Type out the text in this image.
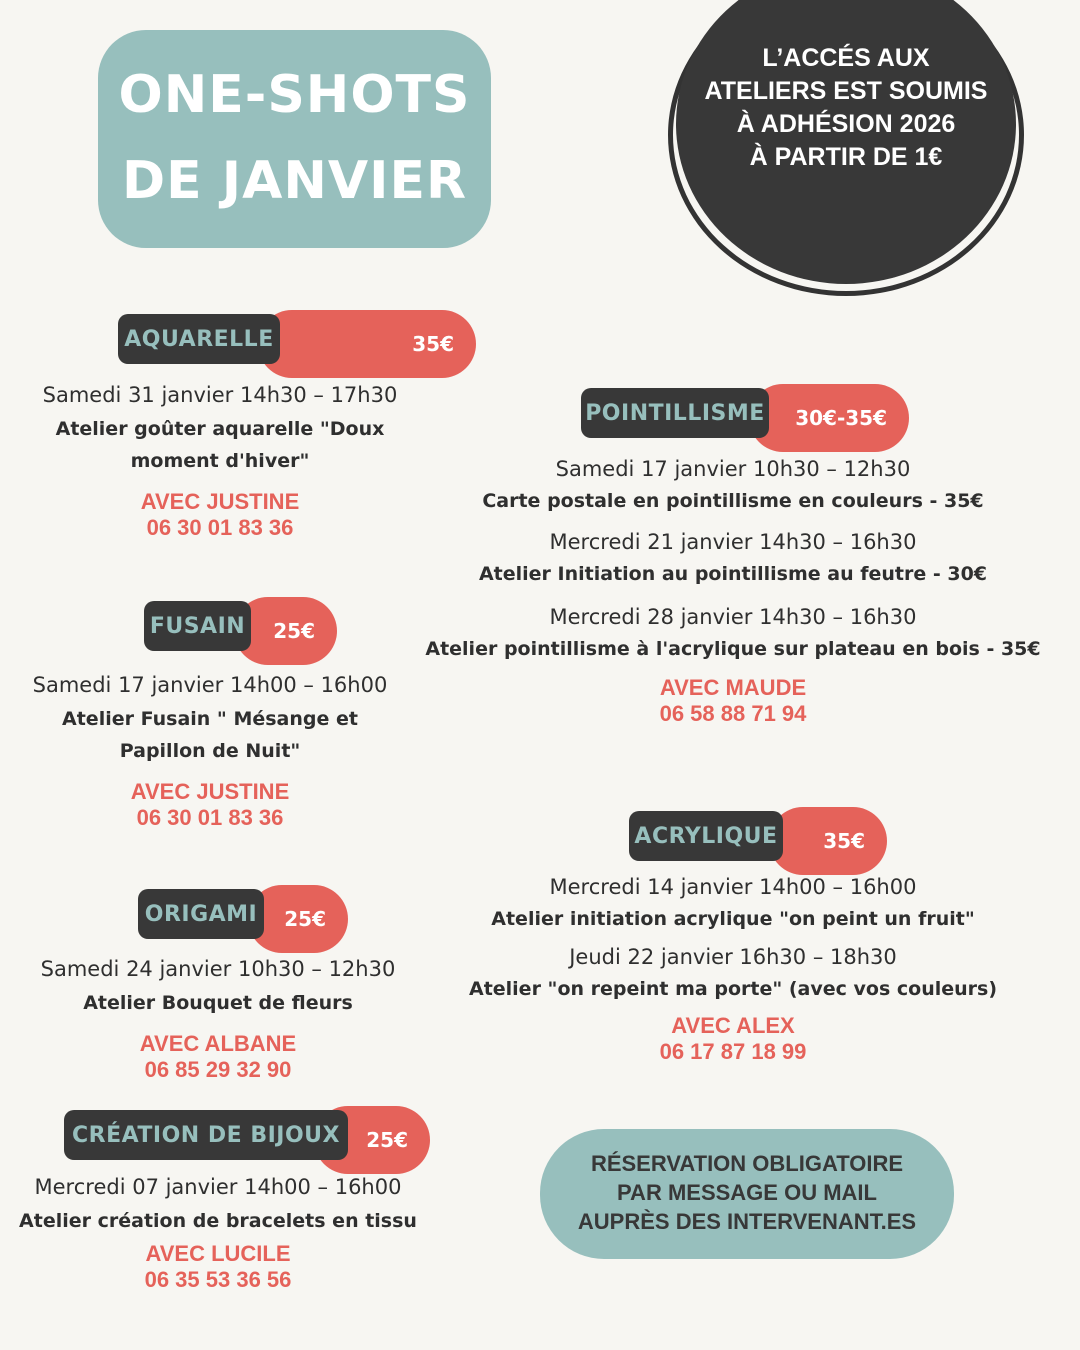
ONE-SHOTS
DE JANVIER
L’ACCÉS AUX
ATELIERS EST SOUMIS
À ADHÉSION 2026
À PARTIR DE 1€
35€
AQUARELLE
Samedi 31 janvier 14h30 – 17h30
Atelier goûter aquarelle "Doux
moment d'hiver"
AVEC JUSTINE
06 30 01 83 36
25€
FUSAIN
Samedi 17 janvier 14h00 – 16h00
Atelier Fusain " Mésange et
Papillon de Nuit"
AVEC JUSTINE
06 30 01 83 36
25€
ORIGAMI
Samedi 24 janvier 10h30 – 12h30
Atelier Bouquet de fleurs
AVEC ALBANE
06 85 29 32 90
25€
CRÉATION DE BIJOUX
Mercredi 07 janvier 14h00 – 16h00
Atelier création de bracelets en tissu
AVEC LUCILE
06 35 53 36 56
30€-35€
POINTILLISME
Samedi 17 janvier 10h30 – 12h30
Carte postale en pointillisme en couleurs - 35€
Mercredi 21 janvier 14h30 – 16h30
Atelier Initiation au pointillisme au feutre - 30€
Mercredi 28 janvier 14h30 – 16h30
Atelier pointillisme à l'acrylique sur plateau en bois - 35€
AVEC MAUDE
06 58 88 71 94
35€
ACRYLIQUE
Mercredi 14 janvier 14h00 – 16h00
Atelier initiation acrylique "on peint un fruit"
Jeudi 22 janvier 16h30 – 18h30
Atelier "on repeint ma porte" (avec vos couleurs)
AVEC ALEX
06 17 87 18 99
RÉSERVATION OBLIGATOIRE
PAR MESSAGE OU MAIL
AUPRÈS DES INTERVENANT.ES
